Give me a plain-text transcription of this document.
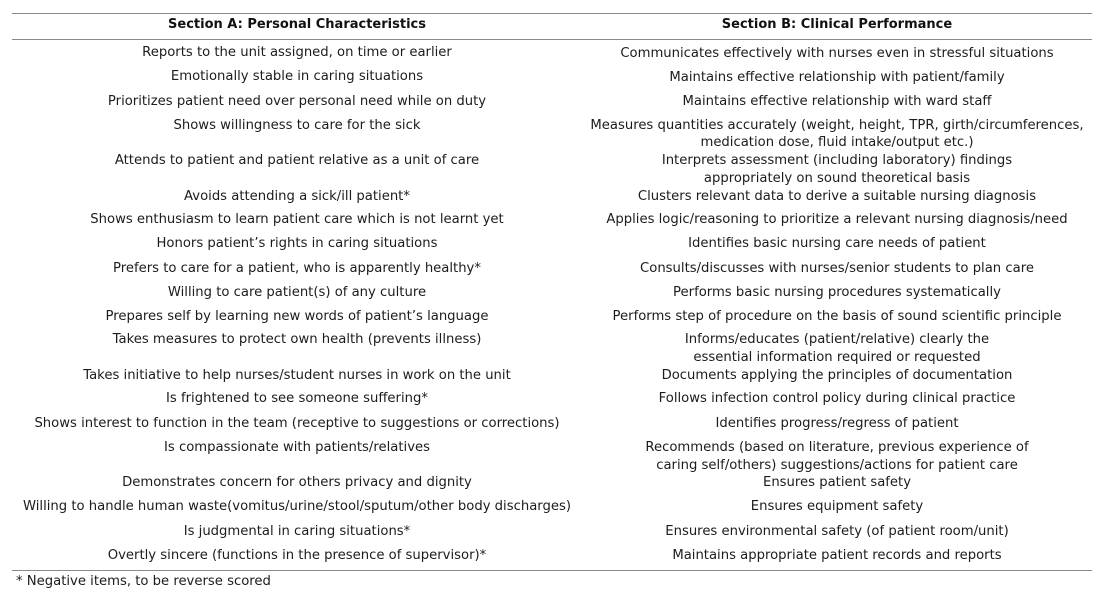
Section A: Personal Characteristics	Section B: Clinical Performance
Reports to the unit assigned, on time or earlier
Emotionally stable in caring situations
Prioritizes patient need over personal need while on duty
Shows willingness to care for the sick
Attends to patient and patient relative as a unit of care
Avoids attending a sick/ill patient*
Shows enthusiasm to learn patient care which is not learnt yet
Honors patient’s rights in caring situations
Prefers to care for a patient, who is apparently healthy*
Willing to care patient(s) of any culture
Prepares self by learning new words of patient’s language
Takes measures to protect own health (prevents illness)
Takes initiative to help nurses/student nurses in work on the unit
Is frightened to see someone suffering*
Shows interest to function in the team (receptive to suggestions or corrections)
Is compassionate with patients/relatives
Demonstrates concern for others privacy and dignity
Willing to handle human waste(vomitus/urine/stool/sputum/other body discharges)
Is judgmental in caring situations*
Overtly sincere (functions in the presence of supervisor)*
Communicates effectively with nurses even in stressful situations
Maintains effective relationship with patient/family
Maintains effective relationship with ward staff
Measures quantities accurately (weight, height, TPR, girth/circumferences,
medication dose, fluid intake/output etc.)
Interprets assessment (including laboratory) findings
appropriately on sound theoretical basis
Clusters relevant data to derive a suitable nursing diagnosis
Applies logic/reasoning to prioritize a relevant nursing diagnosis/need
Identifies basic nursing care needs of patient
Consults/discusses with nurses/senior students to plan care
Performs basic nursing procedures systematically
Performs step of procedure on the basis of sound scientific principle
Informs/educates (patient/relative) clearly the
essential information required or requested
Documents applying the principles of documentation
Follows infection control policy during clinical practice
Identifies progress/regress of patient
Recommends (based on literature, previous experience of
caring self/others) suggestions/actions for patient care
Ensures patient safety
Ensures equipment safety
Ensures environmental safety (of patient room/unit)
Maintains appropriate patient records and reports
* Negative items, to be reverse scored
